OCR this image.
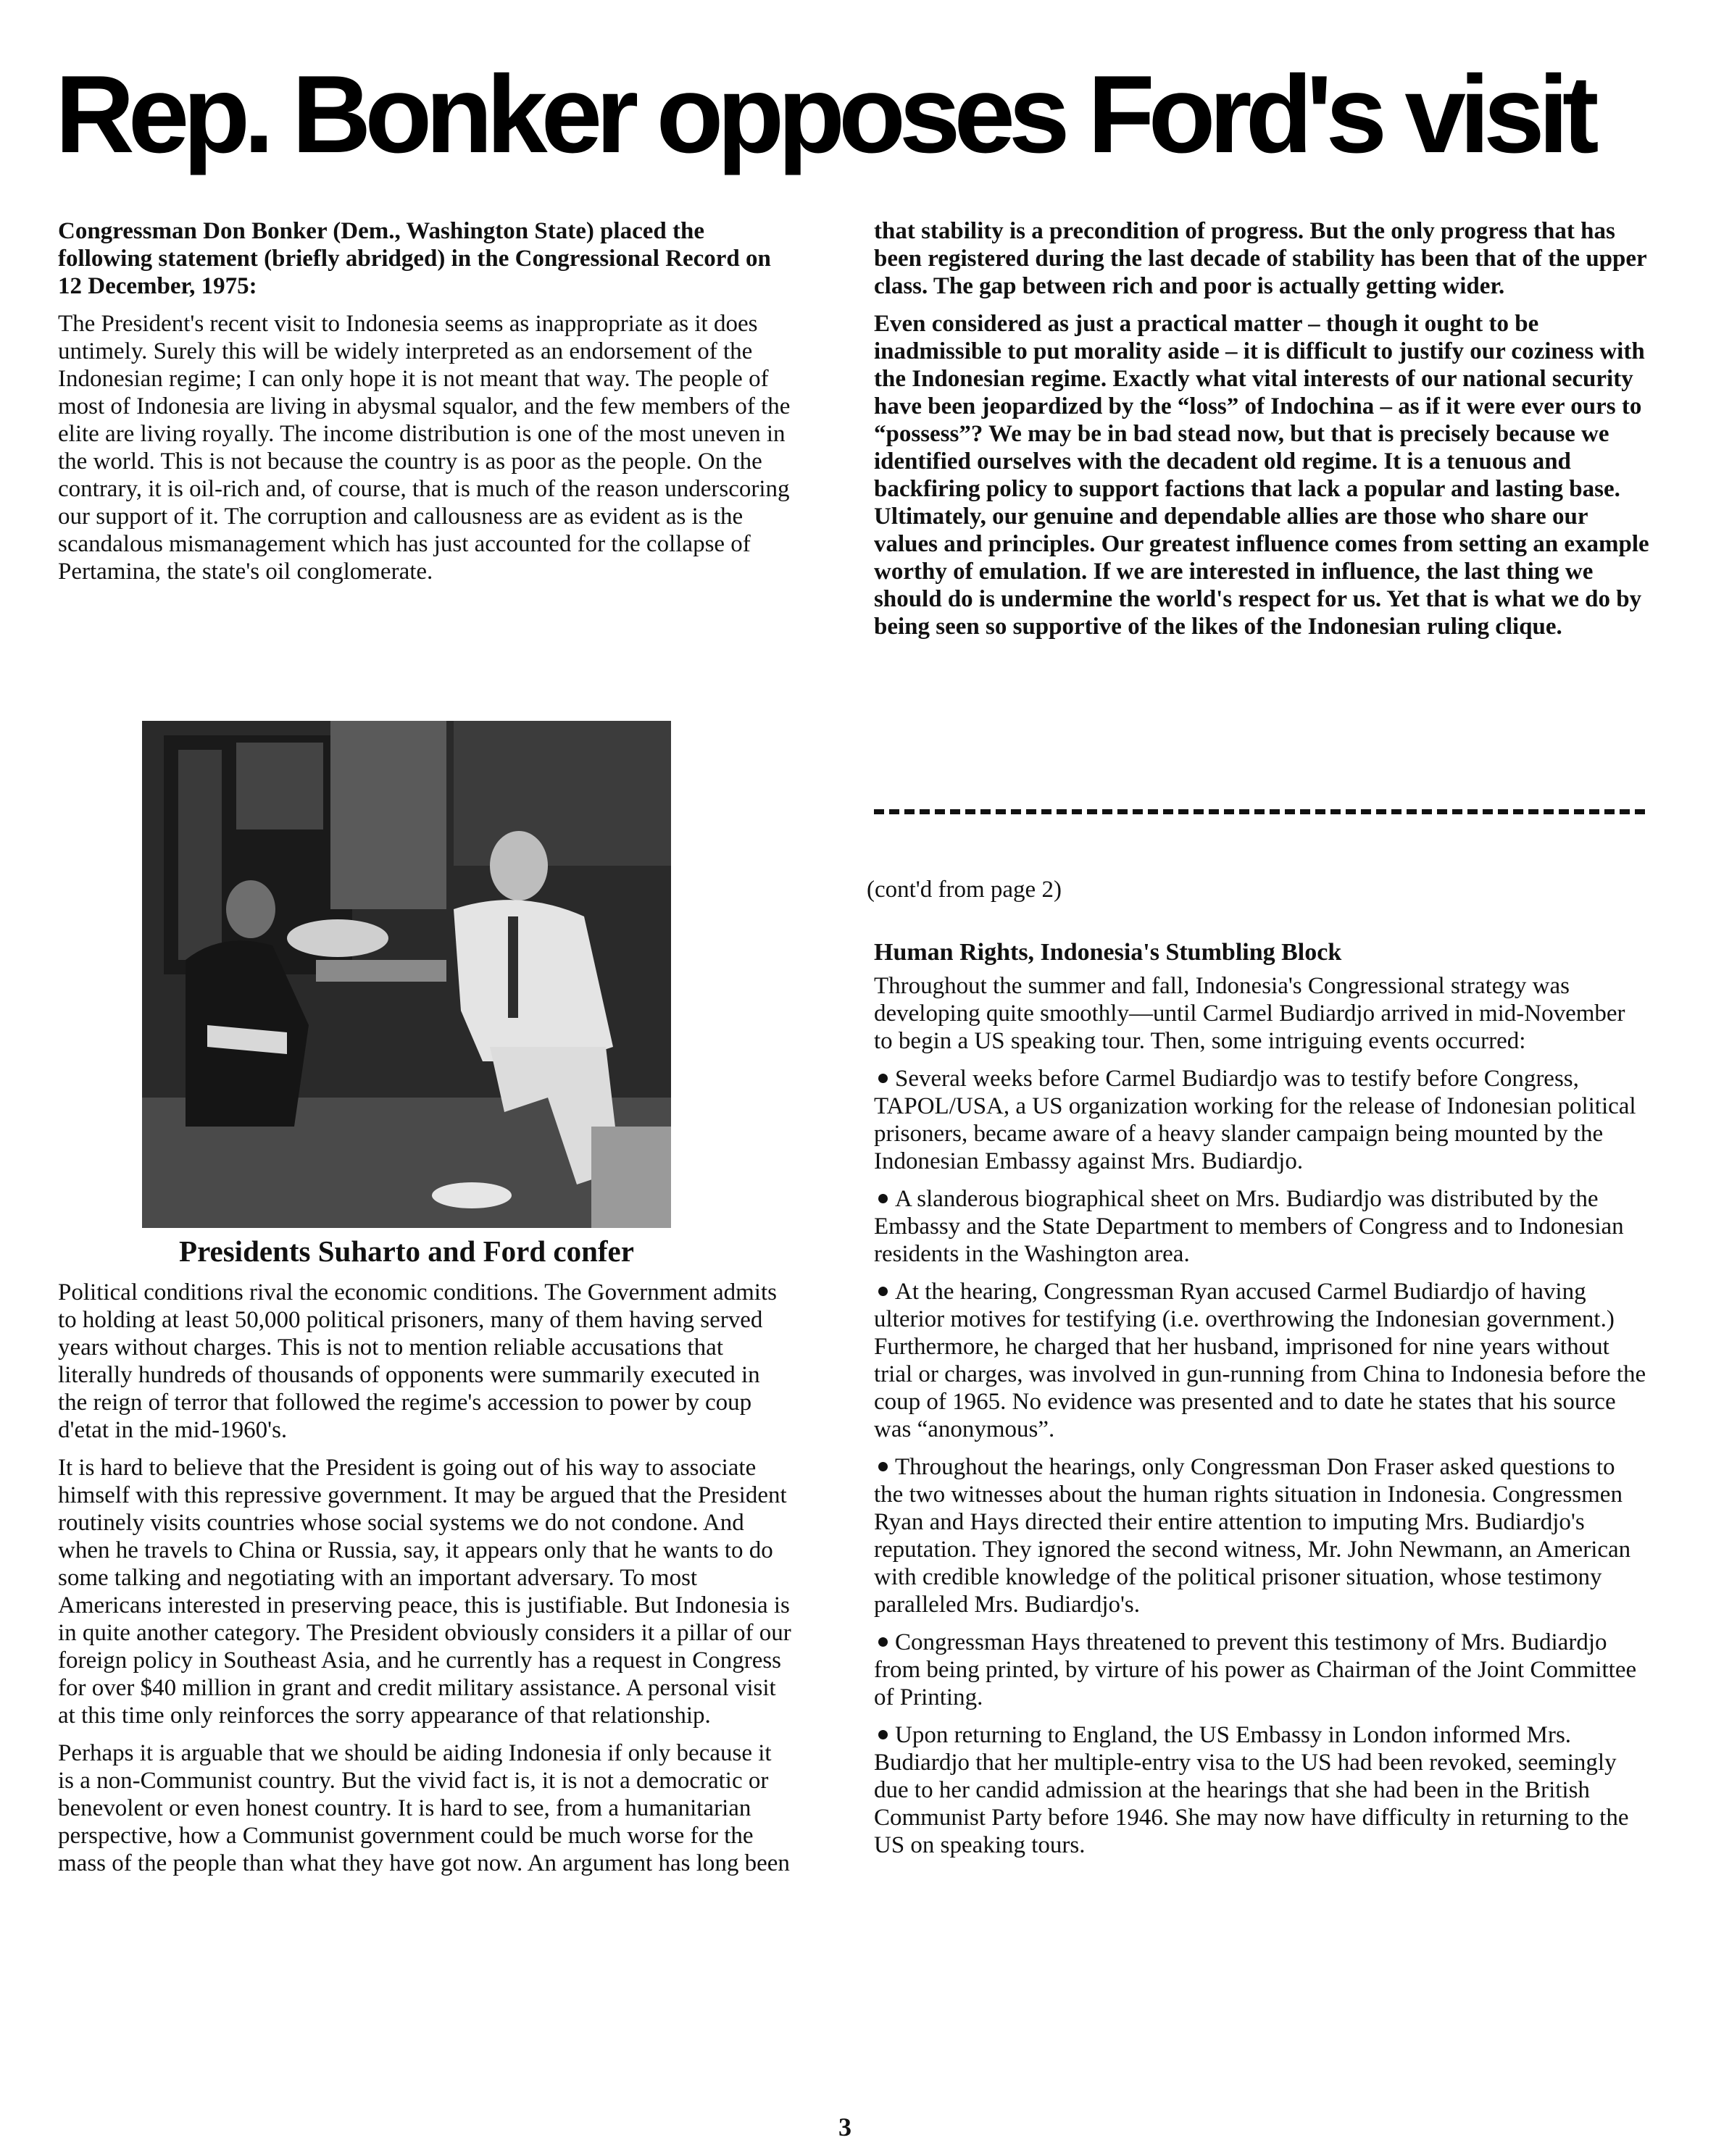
Rep. Bonker opposes Ford's visit

Congressman Don Bonker (Dem., Washington State) placed the following statement (briefly abridged) in the Congressional Record on 12 December, 1975:

The President's recent visit to Indonesia seems as inappropriate as it does untimely. Surely this will be widely interpreted as an endorsement of the Indonesian regime; I can only hope it is not meant that way. The people of most of Indonesia are living in abysmal squalor, and the few members of the elite are living royally. The income distribution is one of the most uneven in the world. This is not because the country is as poor as the people. On the contrary, it is oil-rich and, of course, that is much of the reason underscoring our support of it. The corruption and callousness are as evident as is the scandalous mismanagement which has just accounted for the collapse of Pertamina, the state's oil conglomerate.

Presidents Suharto and Ford confer

Political conditions rival the economic conditions. The Government admits to holding at least 50,000 political prisoners, many of them having served years without charges. This is not to mention reliable accusations that literally hundreds of thousands of opponents were summarily executed in the reign of terror that followed the regime's accession to power by coup d'etat in the mid-1960's.

It is hard to believe that the President is going out of his way to associate himself with this repressive government. It may be argued that the President routinely visits countries whose social systems we do not condone. And when he travels to China or Russia, say, it appears only that he wants to do some talking and negotiating with an important adversary. To most Americans interested in preserving peace, this is justifiable. But Indonesia is in quite another category. The President obviously considers it a pillar of our foreign policy in Southeast Asia, and he currently has a request in Congress for over $40 million in grant and credit military assistance. A personal visit at this time only reinforces the sorry appearance of that relationship.

Perhaps it is arguable that we should be aiding Indonesia if only because it is a non-Communist country. But the vivid fact is, it is not a democratic or benevolent or even honest country. It is hard to see, from a humanitarian perspective, how a Communist government could be much worse for the mass of the people than what they have got now. An argument has long been

that stability is a precondition of progress. But the only progress that has been registered during the last decade of stability has been that of the upper class. The gap between rich and poor is actually getting wider.

Even considered as just a practical matter – though it ought to be inadmissible to put morality aside – it is difficult to justify our coziness with the Indonesian regime. Exactly what vital interests of our national security have been jeopardized by the “loss” of Indochina – as if it were ever ours to “possess”? We may be in bad stead now, but that is precisely because we identified ourselves with the decadent old regime. It is a tenuous and backfiring policy to support factions that lack a popular and lasting base. Ultimately, our genuine and dependable allies are those who share our values and principles. Our greatest influence comes from setting an example worthy of emulation. If we are interested in influence, the last thing we should do is undermine the world's respect for us. Yet that is what we do by being seen so supportive of the likes of the Indonesian ruling clique.

(cont'd from page 2)

Human Rights, Indonesia's Stumbling Block

Throughout the summer and fall, Indonesia's Congressional strategy was developing quite smoothly—until Carmel Budiardjo arrived in mid-November to begin a US speaking tour. Then, some intriguing events occurred:

Several weeks before Carmel Budiardjo was to testify before Congress, TAPOL/USA, a US organization working for the release of Indonesian political prisoners, became aware of a heavy slander campaign being mounted by the Indonesian Embassy against Mrs. Budiardjo.
A slanderous biographical sheet on Mrs. Budiardjo was distributed by the Embassy and the State Department to members of Congress and to Indonesian residents in the Washington area.
At the hearing, Congressman Ryan accused Carmel Budiardjo of having ulterior motives for testifying (i.e. overthrowing the Indonesian government.) Furthermore, he charged that her husband, imprisoned for nine years without trial or charges, was involved in gun-running from China to Indonesia before the coup of 1965. No evidence was presented and to date he states that his source was “anonymous”.
Throughout the hearings, only Congressman Don Fraser asked questions to the two witnesses about the human rights situation in Indonesia. Congressmen Ryan and Hays directed their entire attention to imputing Mrs. Budiardjo's reputation. They ignored the second witness, Mr. John Newmann, an American with credible knowledge of the political prisoner situation, whose testimony paralleled Mrs. Budiardjo's.
Congressman Hays threatened to prevent this testimony of Mrs. Budiardjo from being printed, by virture of his power as Chairman of the Joint Committee of Printing.
Upon returning to England, the US Embassy in London informed Mrs. Budiardjo that her multiple-entry visa to the US had been revoked, seemingly due to her candid admission at the hearings that she had been in the British Communist Party before 1946. She may now have difficulty in returning to the US on speaking tours.

3
